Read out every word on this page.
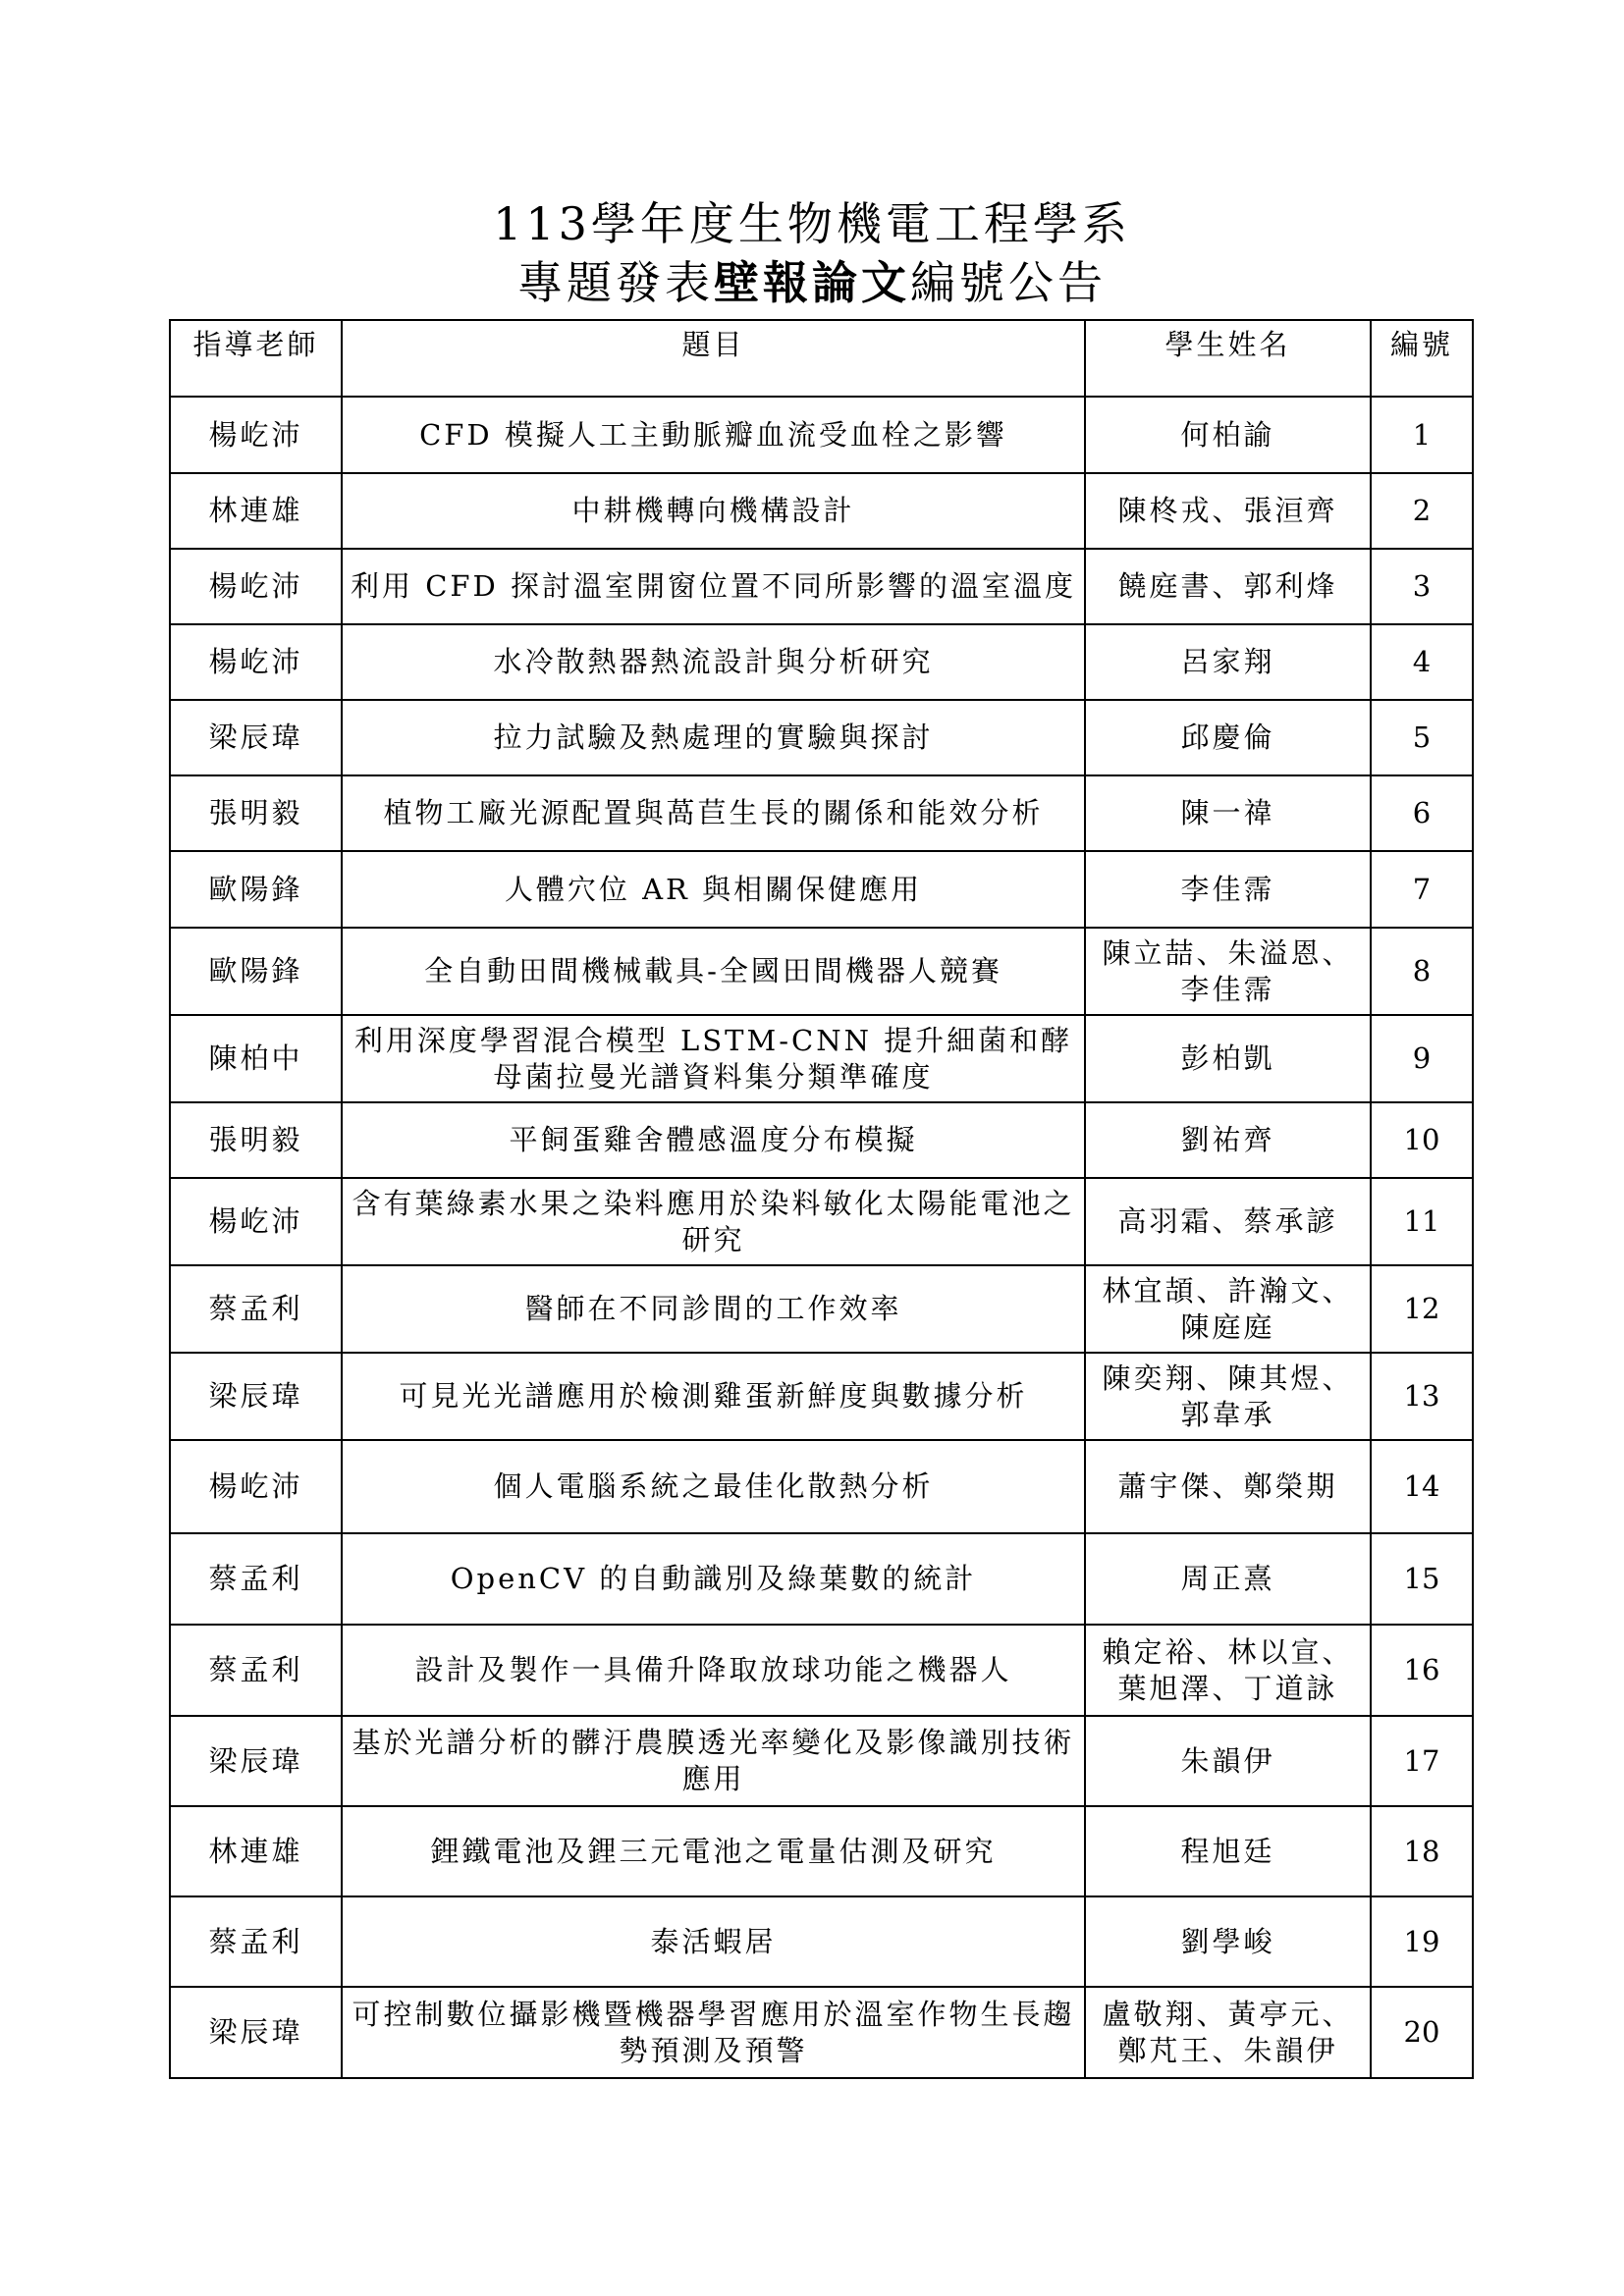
113學年度生物機電工程學系
專題發表壁報論文編號公告
指導老師	題目	學生姓名	編號
楊屹沛	CFD 模擬人工主動脈瓣血流受血栓之影響	何柏諭	1
林連雄	中耕機轉向機構設計	陳柊戎、張洹齊	2
楊屹沛	利用 CFD 探討溫室開窗位置不同所影響的溫室溫度	饒庭書、郭利烽	3
楊屹沛	水冷散熱器熱流設計與分析研究	呂家翔	4
梁辰瑋	拉力試驗及熱處理的實驗與探討	邱慶倫	5
張明毅	植物工廠光源配置與萵苣生長的關係和能效分析	陳一禕	6
歐陽鋒	人體穴位 AR 與相關保健應用	李佳霈	7
歐陽鋒	全自動田間機械載具-全國田間機器人競賽	陳立喆、朱溢恩、李佳霈	8
陳柏中	利用深度學習混合模型 LSTM-CNN 提升細菌和酵母菌拉曼光譜資料集分類準確度	彭柏凱	9
張明毅	平飼蛋雞舍體感溫度分布模擬	劉祐齊	10
楊屹沛	含有葉綠素水果之染料應用於染料敏化太陽能電池之研究	高羽霜、蔡承諺	11
蔡孟利	醫師在不同診間的工作效率	林宜頡、許瀚文、陳庭庭	12
梁辰瑋	可見光光譜應用於檢測雞蛋新鮮度與數據分析	陳奕翔、陳其煜、郭韋承	13
楊屹沛	個人電腦系統之最佳化散熱分析	蕭宇傑、鄭榮期	14
蔡孟利	OpenCV 的自動識別及綠葉數的統計	周正熹	15
蔡孟利	設計及製作一具備升降取放球功能之機器人	賴定裕、林以宣、葉旭澤、丁道詠	16
梁辰瑋	基於光譜分析的髒汙農膜透光率變化及影像識別技術應用	朱韻伊	17
林連雄	鋰鐵電池及鋰三元電池之電量估測及研究	程旭廷	18
蔡孟利	泰活蝦居	劉學峻	19
梁辰瑋	可控制數位攝影機暨機器學習應用於溫室作物生長趨勢預測及預警	盧敬翔、黃亭元、鄭芃王、朱韻伊	20
